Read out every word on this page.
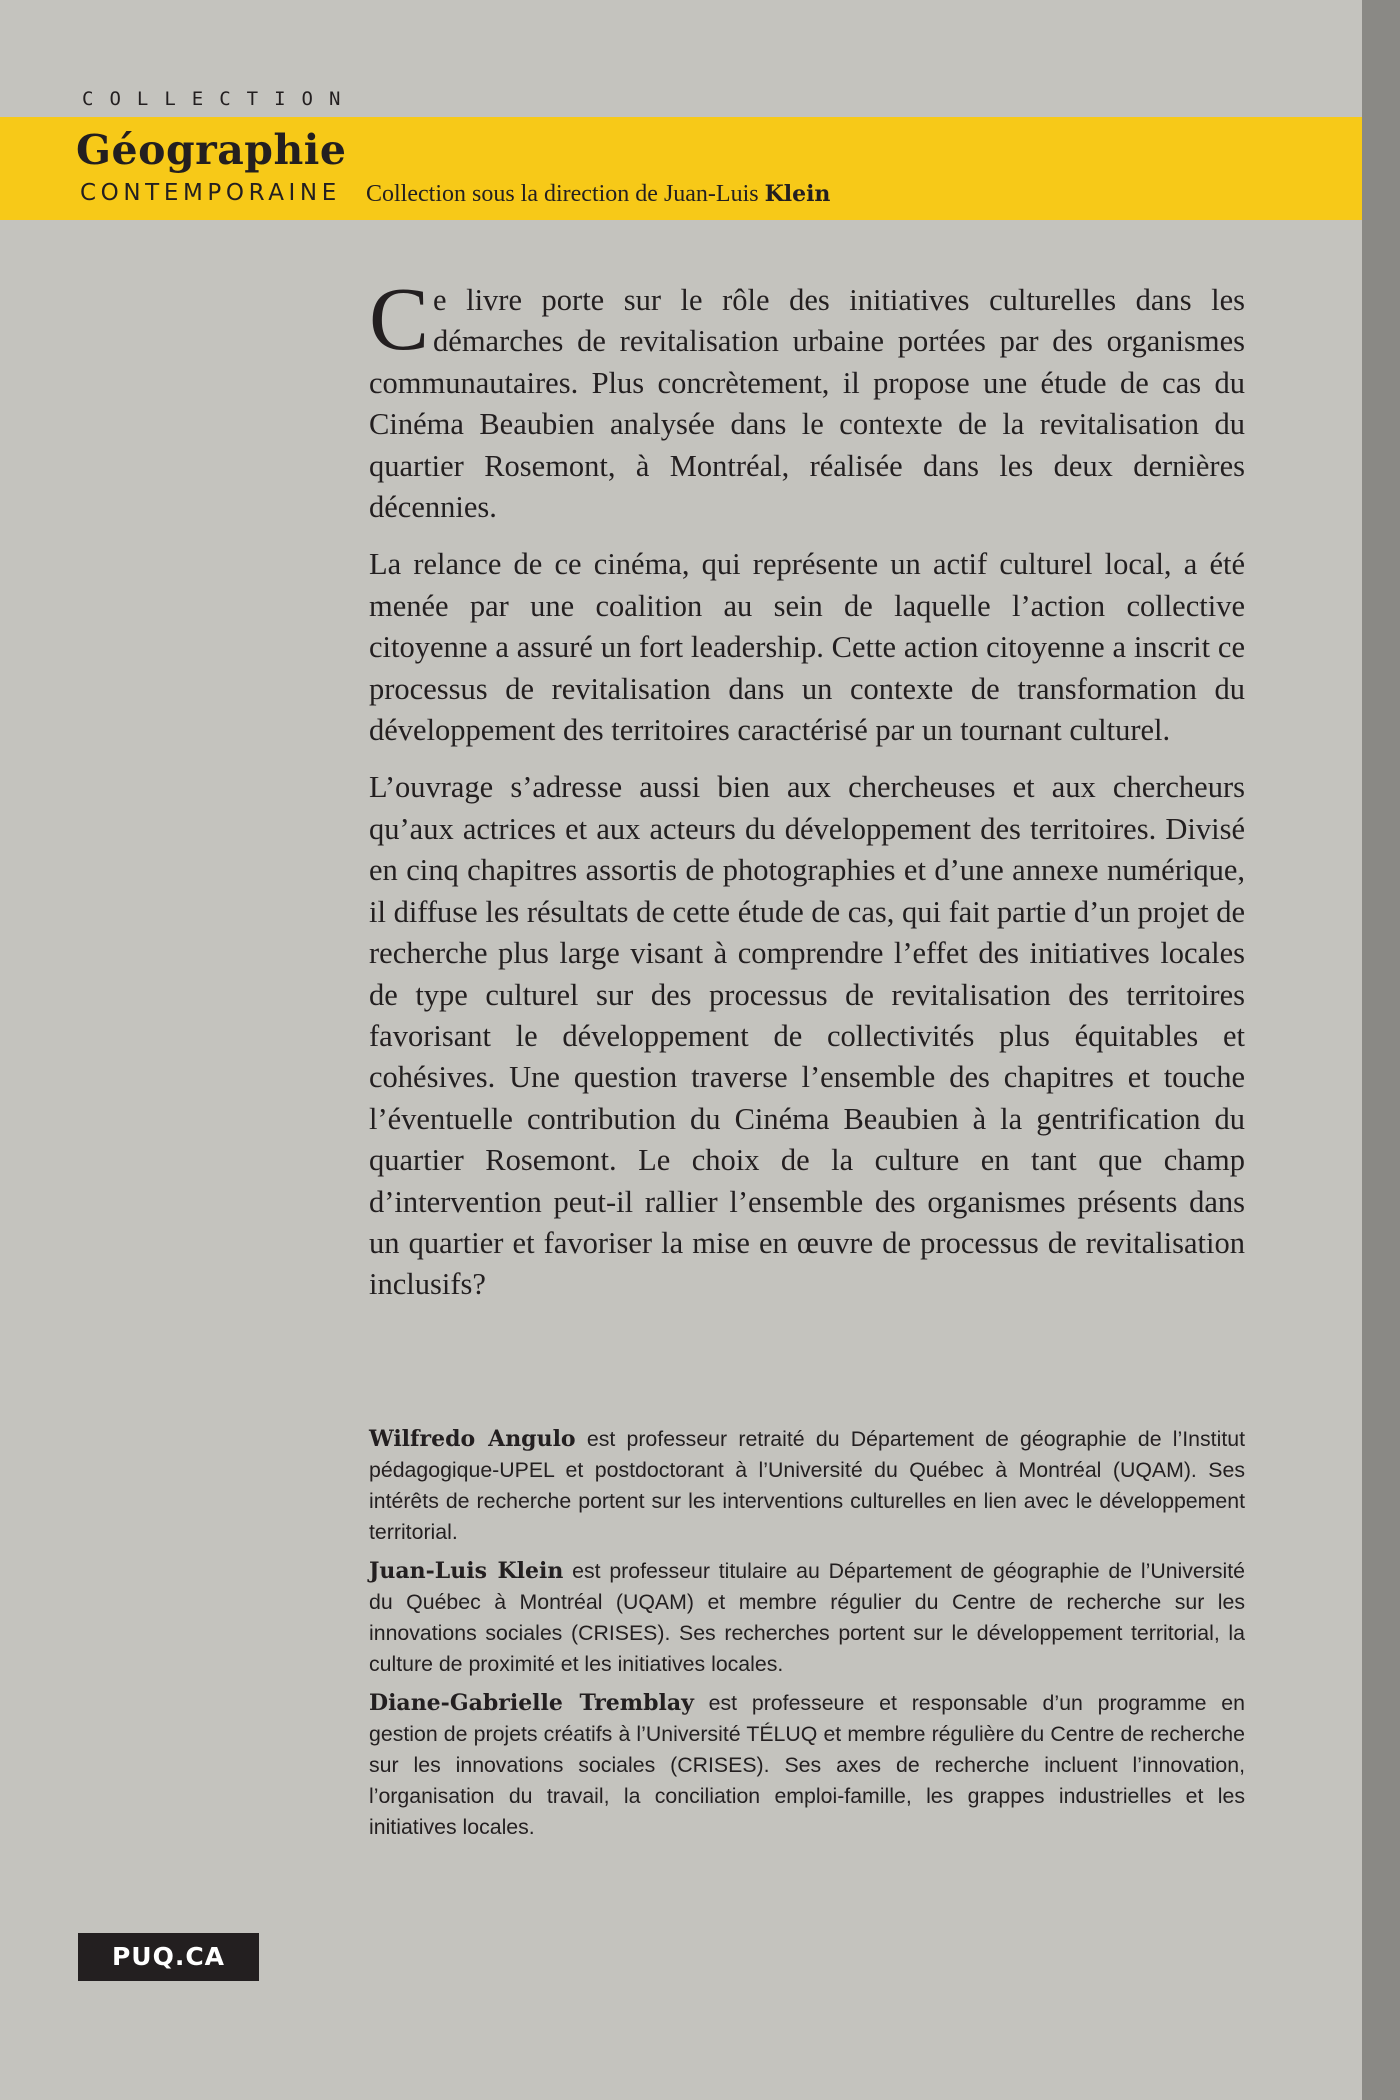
COLLECTION
Géographie
CONTEMPORAINE Collection sous la direction de Juan-Luis Klein

Ce livre porte sur le rôle des initiatives culturelles dans les démarches de revitalisation urbaine portées par des organismes communautaires. Plus concrètement, il propose une étude de cas du Cinéma Beaubien analysée dans le contexte de la revitalisation du quartier Rosemont, à Montréal, réalisée dans les deux dernières décennies.

La relance de ce cinéma, qui représente un actif culturel local, a été menée par une coalition au sein de laquelle l’action collective citoyenne a assuré un fort leadership. Cette action citoyenne a inscrit ce processus de revitalisation dans un contexte de transformation du développement des territoires caractérisé par un tournant culturel.

L’ouvrage s’adresse aussi bien aux chercheuses et aux chercheurs qu’aux actrices et aux acteurs du développement des territoires. Divisé en cinq chapitres assortis de photographies et d’une annexe numérique, il diffuse les résultats de cette étude de cas, qui fait partie d’un projet de recherche plus large visant à comprendre l’effet des initiatives locales de type culturel sur des processus de revitalisation des territoires favorisant le développement de collectivités plus équitables et cohésives. Une question traverse l’ensemble des chapitres et touche l’éventuelle contribution du Cinéma Beaubien à la gentrification du quartier Rosemont. Le choix de la culture en tant que champ d’intervention peut-il rallier l’ensemble des organismes présents dans un quartier et favoriser la mise en œuvre de processus de revitalisation inclusifs?

Wilfredo Angulo est professeur retraité du Département de géographie de l’Institut pédagogique-UPEL et postdoctorant à l’Université du Québec à Montréal (UQAM). Ses intérêts de recherche portent sur les interventions culturelles en lien avec le développement territorial.

Juan-Luis Klein est professeur titulaire au Département de géographie de l’Université du Québec à Montréal (UQAM) et membre régulier du Centre de recherche sur les innovations sociales (CRISES). Ses recherches portent sur le développement territorial, la culture de proximité et les initiatives locales.

Diane-Gabrielle Tremblay est professeure et responsable d’un programme en gestion de projets créatifs à l’Université TÉLUQ et membre régulière du Centre de recherche sur les innovations sociales (CRISES). Ses axes de recherche incluent l’innovation, l’organisation du travail, la conciliation emploi-famille, les grappes industrielles et les initiatives locales.

PUQ.CA
